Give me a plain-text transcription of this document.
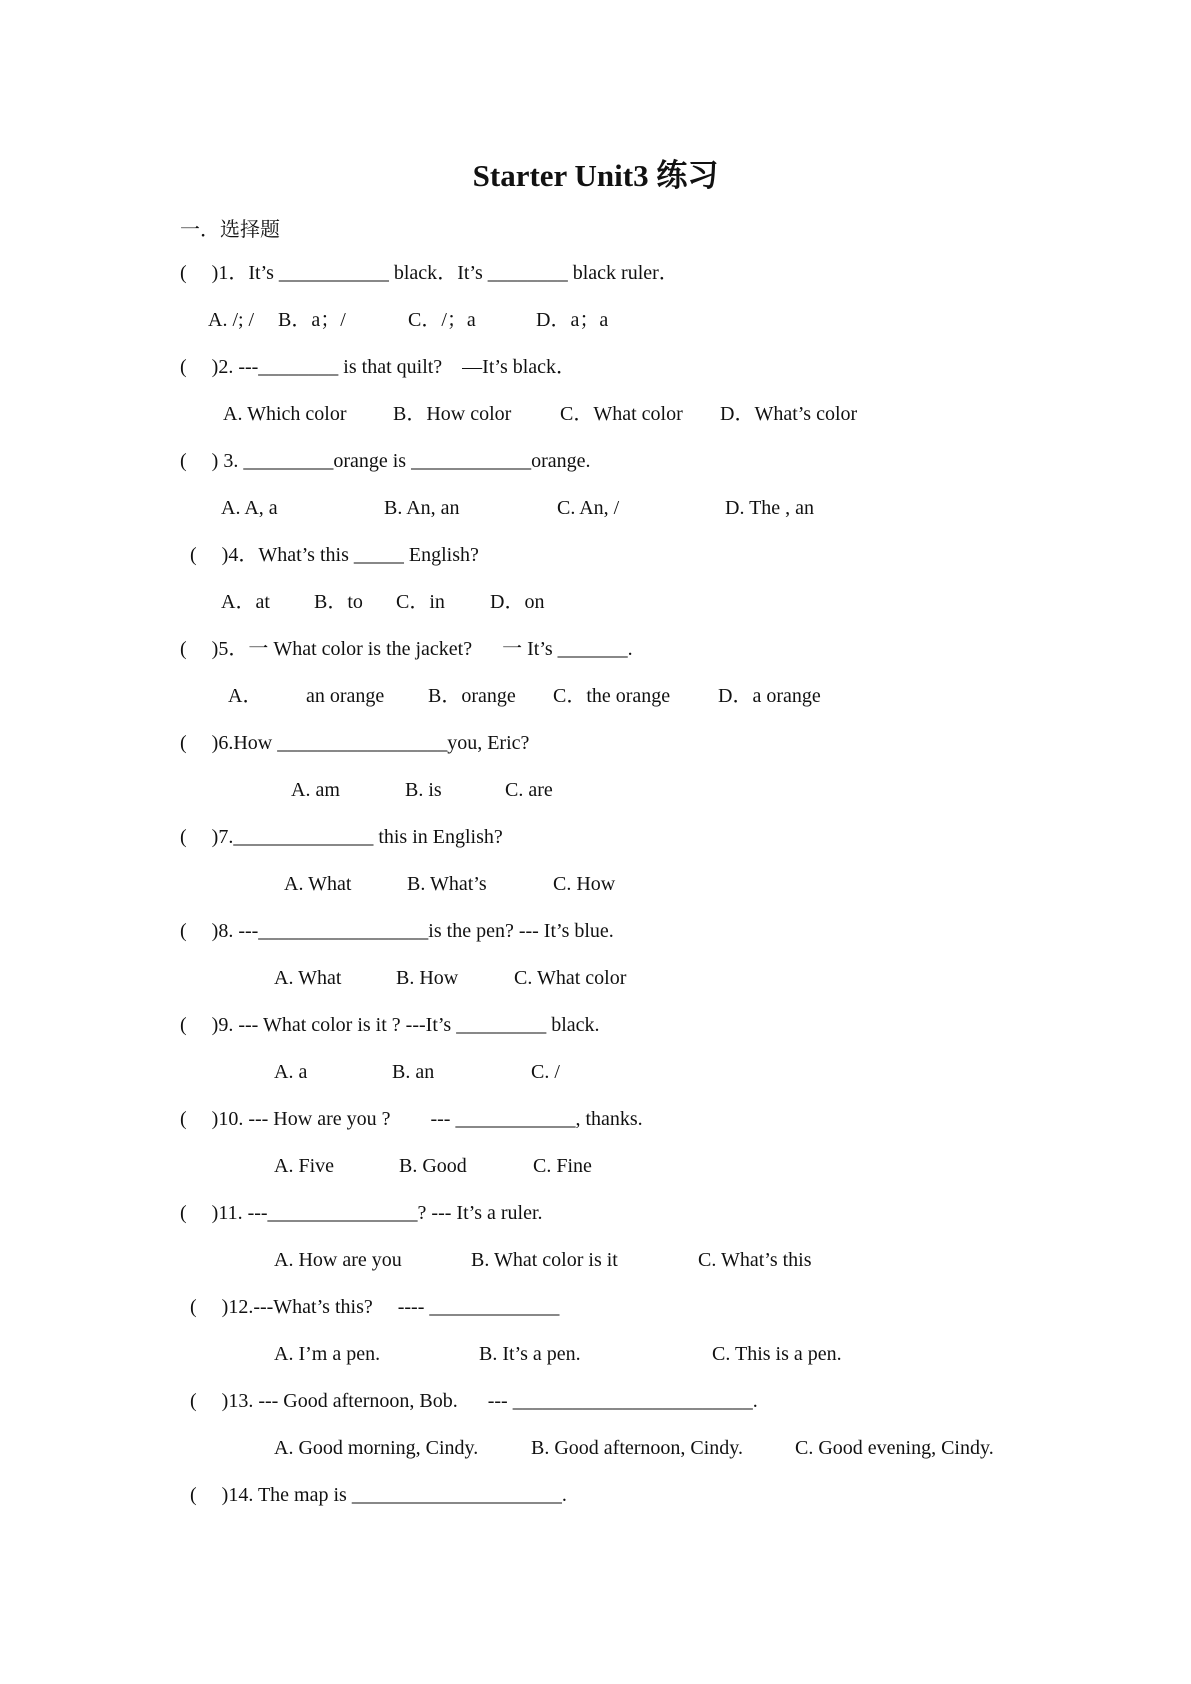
Starter Unit3 练习
一．选择题
(     )1．It’s ___________ black．It’s ________ black ruler．
A. /; / B．a；/	C．/；a	D．a；a
(     )2. ---________ is that quilt?    —It’s black．
A. Which color B．How color C．What color D．What’s color
(     ) 3. _________orange is ____________orange.
A. A, a	B. An, an	C. An, /	D. The , an
(     )4．What’s this _____ English?
A．at B．to C．in D．on
(     )5．一 What color is the jacket?      一 It’s _______.
A． an orange B．orange C．the orange D．a orange
(     )6.How _________________you, Eric?
A. am	B. is	C. are
(     )7.______________ this in English?
A. What	B. What’s	C. How
(     )8. ---_________________is the pen? --- It’s blue.
A. What	B. How	C. What color
(     )9. --- What color is it ? ---It’s _________ black.
A. a	B. an	C. /
(     )10. --- How are you ?        --- ____________, thanks.
A. Five	B. Good	C. Fine
(     )11. ---_______________? --- It’s a ruler.
A. How are you	B. What color is it	C. What’s this
(     )12.---What’s this?     ---- _____________
A. I’m a pen.	B. It’s a pen.	C. This is a pen.
(     )13. --- Good afternoon, Bob.      --- ________________________.
A. Good morning, Cindy.	B. Good afternoon, Cindy.	C. Good evening, Cindy.
(     )14. The map is _____________________.
